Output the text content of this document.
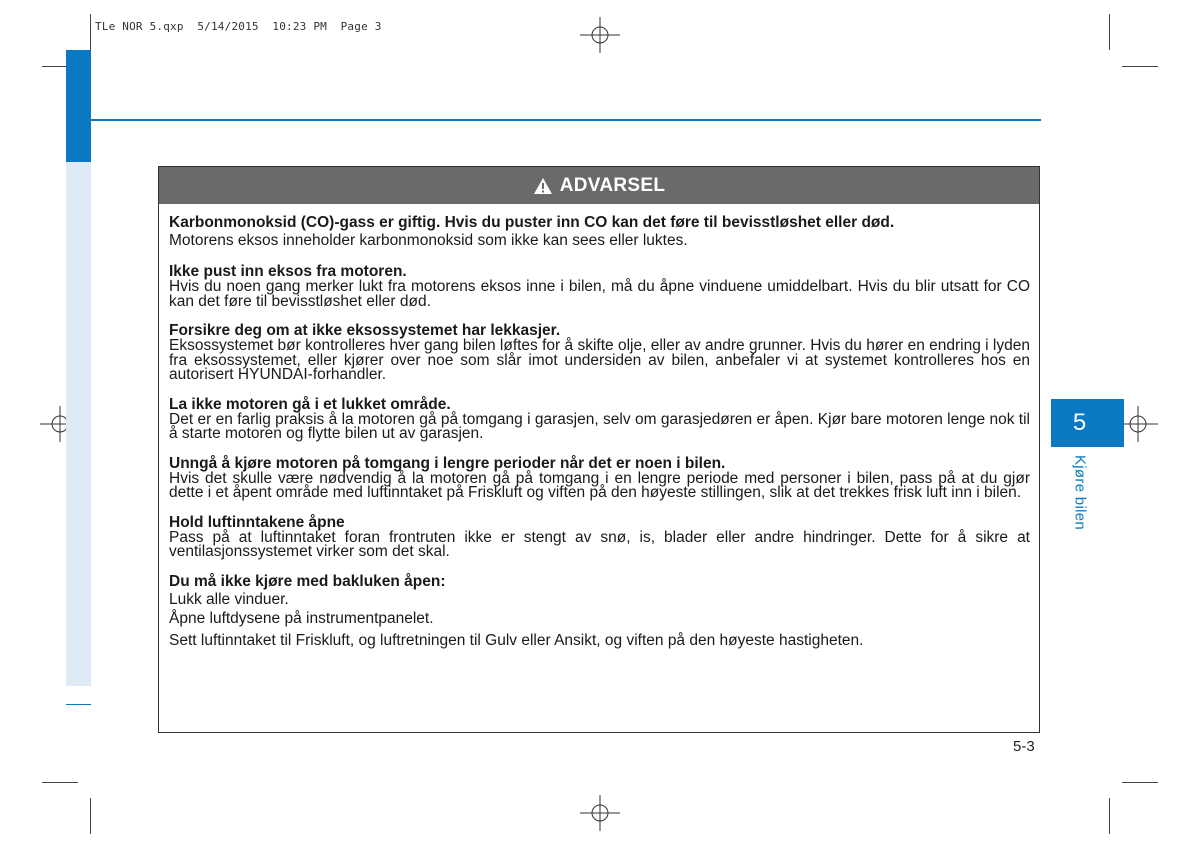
TLe NOR 5.qxp  5/14/2015  10:23 PM  Page 3
5
Kjøre bilen
ADVARSEL
Karbonmonoksid (CO)-gass er giftig. Hvis du puster inn CO kan det føre til bevisstløshet eller død.

Motorens eksos inneholder karbonmonoksid som ikke kan sees eller luktes.

Ikke pust inn eksos fra motoren.

Hvis du noen gang merker lukt fra motorens eksos inne i bilen, må du åpne vinduene umiddelbart. Hvis du blir utsatt for CO kan det føre til bevisstløshet eller død.

Forsikre deg om at ikke eksossystemet har lekkasjer.

Eksossystemet bør kontrolleres hver gang bilen løftes for å skifte olje, eller av andre grunner. Hvis du hører en endring i lyden fra eksossystemet, eller kjører over noe som slår imot undersiden av bilen, anbefaler vi at systemet kontrolleres hos en autorisert HYUNDAI-forhandler.

La ikke motoren gå i et lukket område.

Det er en farlig praksis å la motoren gå på tomgang i garasjen, selv om garasjedøren er åpen. Kjør bare motoren lenge nok til å starte motoren og flytte bilen ut av garasjen.

Unngå å kjøre motoren på tomgang i lengre perioder når det er noen i bilen.

Hvis det skulle være nødvendig å la motoren gå på tomgang i en lengre periode med personer i bilen, pass på at du gjør dette i et åpent område med luftinntaket på Friskluft og viften på den høyeste stillingen, slik at det trekkes frisk luft inn i bilen.

Hold luftinntakene åpne

Pass på at luftinntaket foran frontruten ikke er stengt av snø, is, blader eller andre hindringer. Dette for å sikre at ventilasjonssystemet virker som det skal.

Du må ikke kjøre med bakluken åpen:

Lukk alle vinduer.

Åpne luftdysene på instrumentpanelet.

Sett luftinntaket til Friskluft, og luftretningen til Gulv eller Ansikt, og viften på den høyeste hastigheten.

5-3
